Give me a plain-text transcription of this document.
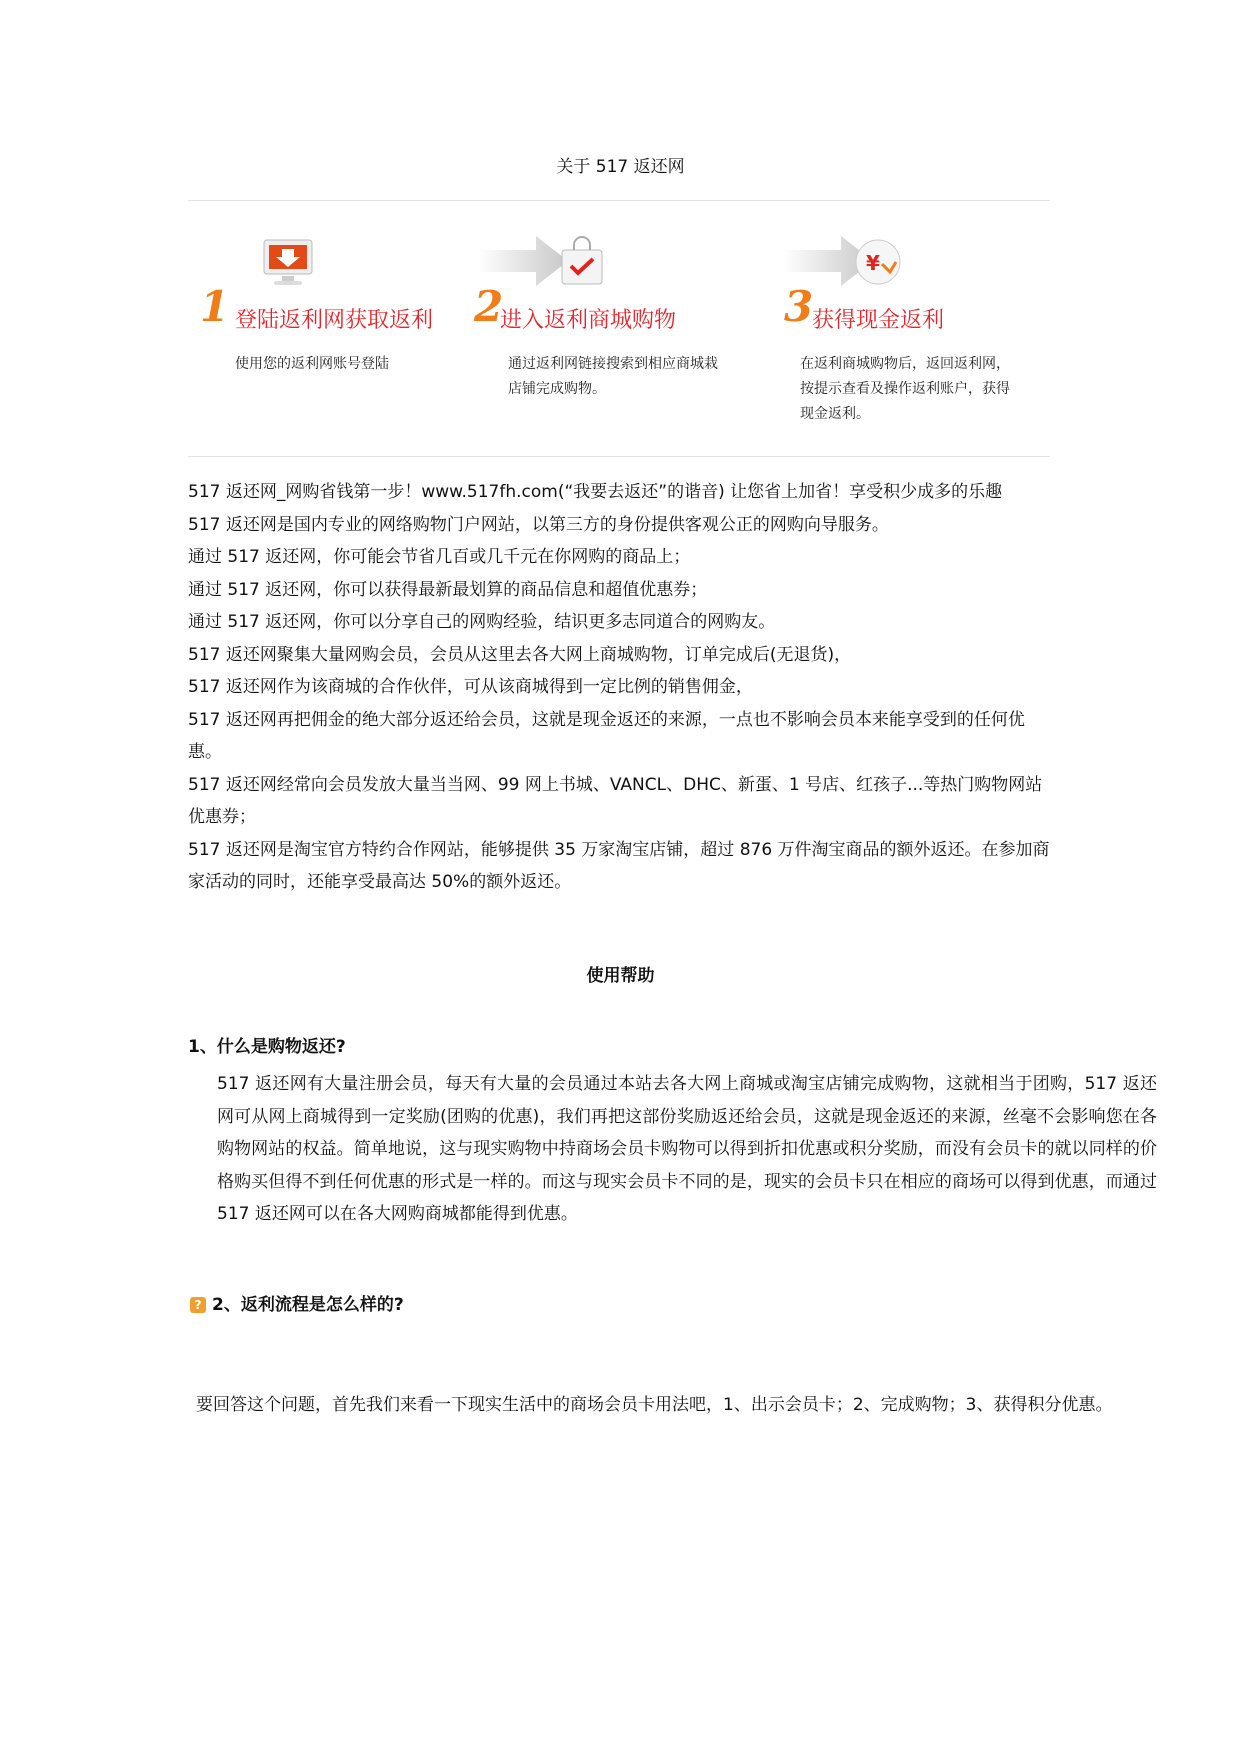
关于 517 返还网
1 登陆返利网获取返利
使用您的返利网账号登陆
2
进入返利商城购物
通过返利网链接搜索到相应商城栽店铺完成购物。
¥
3
获得现金返利
在返利商城购物后，返回返利网，按提示查看及操作返利账户，获得现金返利。

517 返还网_网购省钱第一步！www.517fh.com(“我要去返还”的谐音) 让您省上加省！享受积少成多的乐趣

517 返还网是国内专业的网络购物门户网站，以第三方的身份提供客观公正的网购向导服务。

通过 517 返还网，你可能会节省几百或几千元在你网购的商品上；

通过 517 返还网，你可以获得最新最划算的商品信息和超值优惠券；

通过 517 返还网，你可以分享自己的网购经验，结识更多志同道合的网购友。

517 返还网聚集大量网购会员，会员从这里去各大网上商城购物，订单完成后(无退货)，

517 返还网作为该商城的合作伙伴，可从该商城得到一定比例的销售佣金，

517 返还网再把佣金的绝大部分返还给会员，这就是现金返还的来源，一点也不影响会员本来能享受到的任何优惠。

517 返还网经常向会员发放大量当当网、99 网上书城、VANCL、DHC、新蛋、1 号店、红孩子...等热门购物网站优惠券；

517 返还网是淘宝官方特约合作网站，能够提供 35 万家淘宝店铺，超过 876 万件淘宝商品的额外返还。在参加商家活动的同时，还能享受最高达 50%的额外返还。

使用帮助
1、什么是购物返还?

517 返还网有大量注册会员，每天有大量的会员通过本站去各大网上商城或淘宝店铺完成购物，这就相当于团购，517 返还网可从网上商城得到一定奖励(团购的优惠)，我们再把这部份奖励返还给会员，这就是现金返还的来源，丝毫不会影响您在各购物网站的权益。简单地说，这与现实购物中持商场会员卡购物可以得到折扣优惠或积分奖励，而没有会员卡的就以同样的价格购买但得不到任何优惠的形式是一样的。而这与现实会员卡不同的是，现实的会员卡只在相应的商场可以得到优惠，而通过 517 返还网可以在各大网购商城都能得到优惠。

? 2、返利流程是怎么样的?
要回答这个问题，首先我们来看一下现实生活中的商场会员卡用法吧，1、出示会员卡；2、完成购物；3、获得积分优惠。
